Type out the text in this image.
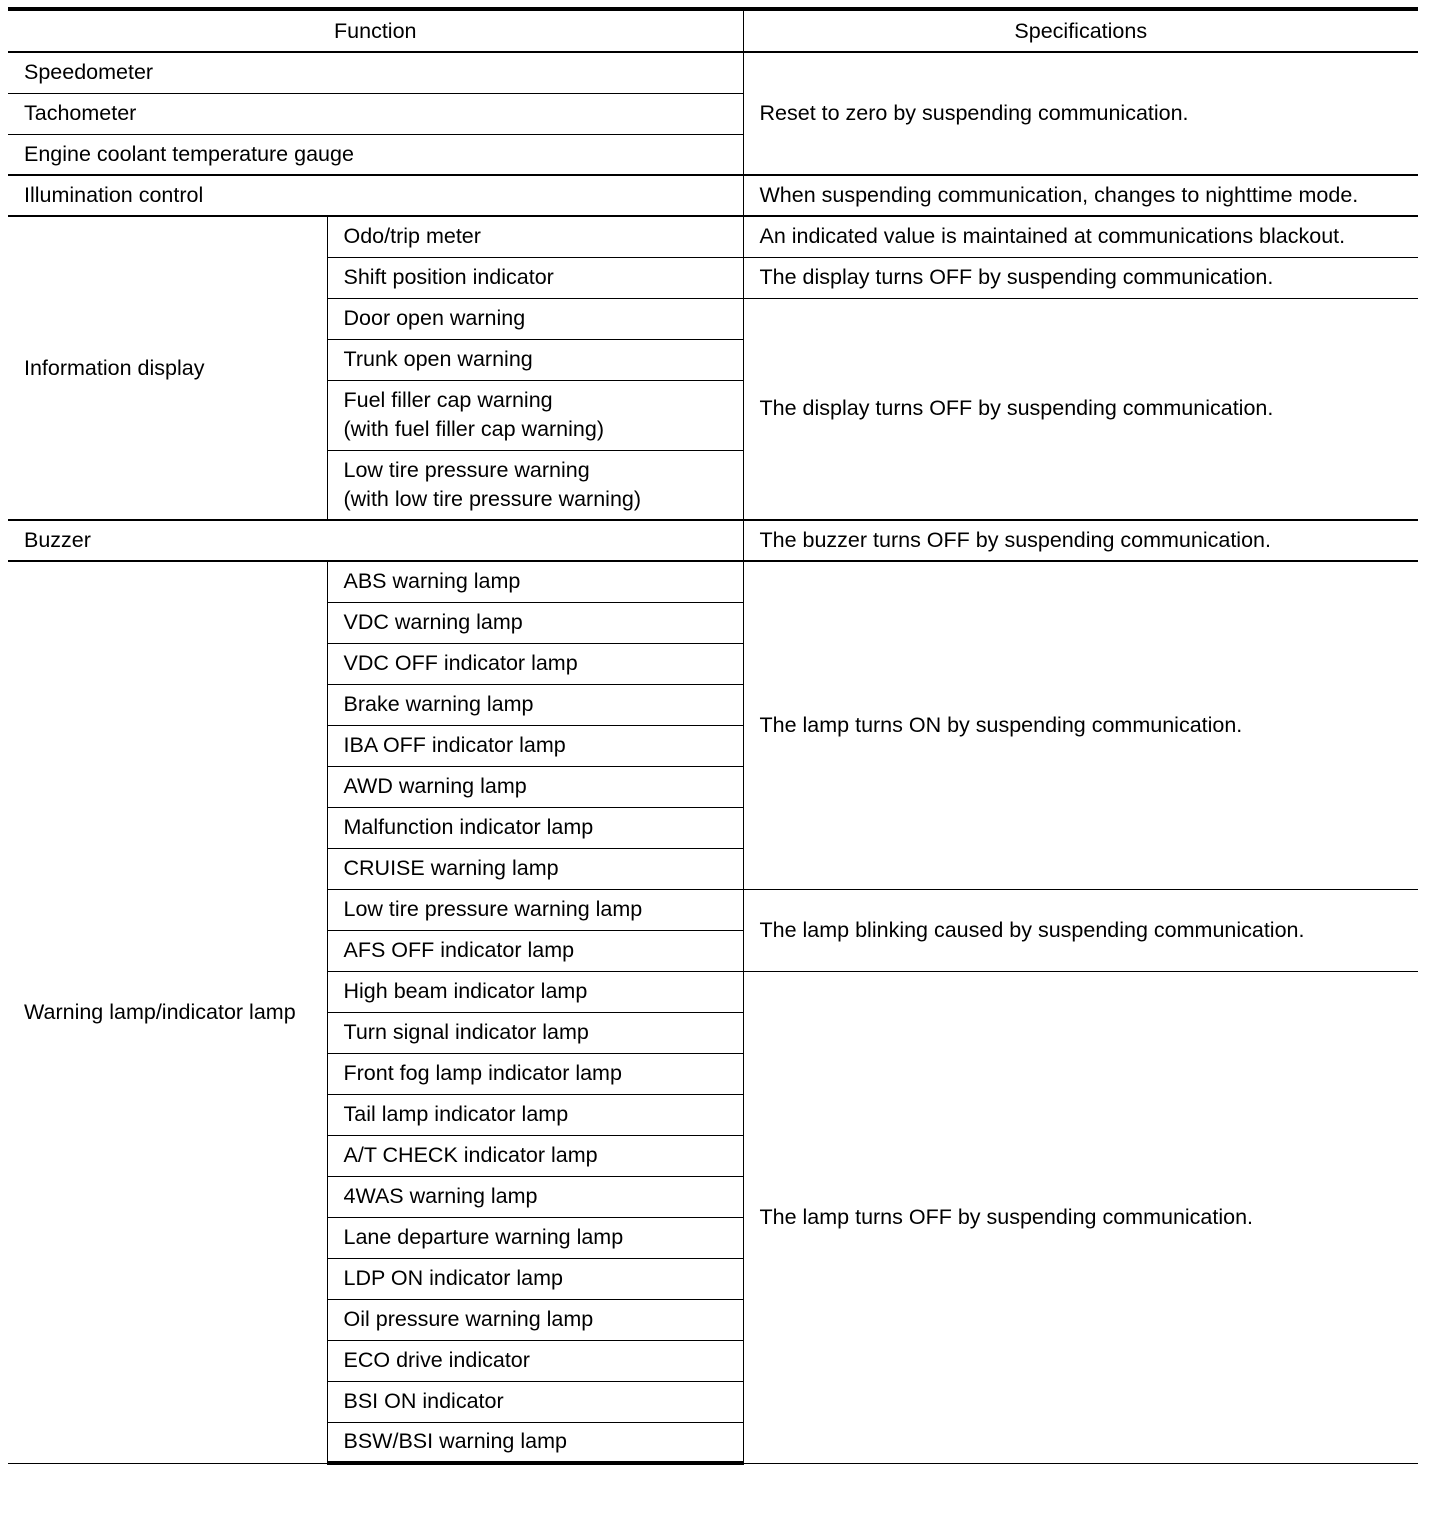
Function		Specifications
Speedometer		Reset to zero by suspending communication.
Tachometer		
Engine coolant temperature gauge		
Illumination control		When suspending communication, changes to nighttime mode.
Information display	Odo/trip meter	An indicated value is maintained at communications blackout.
	Shift position indicator	The display turns OFF by suspending communication.
	Door open warning	The display turns OFF by suspending communication.
	Trunk open warning	
	Fuel filler cap warning
(with fuel filler cap warning)	
	Low tire pressure warning
(with low tire pressure warning)	
Buzzer		The buzzer turns OFF by suspending communication.
Warning lamp/indicator lamp	ABS warning lamp	The lamp turns ON by suspending communication.
	VDC warning lamp	
	VDC OFF indicator lamp	
	Brake warning lamp	
	IBA OFF indicator lamp	
	AWD warning lamp	
	Malfunction indicator lamp	
	CRUISE warning lamp	
	Low tire pressure warning lamp	The lamp blinking caused by suspending communication.
	AFS OFF indicator lamp	
	High beam indicator lamp	The lamp turns OFF by suspending communication.
	Turn signal indicator lamp	
	Front fog lamp indicator lamp	
	Tail lamp indicator lamp	
	A/T CHECK indicator lamp	
	4WAS warning lamp	
	Lane departure warning lamp	
	LDP ON indicator lamp	
	Oil pressure warning lamp	
	ECO drive indicator	
	BSI ON indicator	
	BSW/BSI warning lamp	
